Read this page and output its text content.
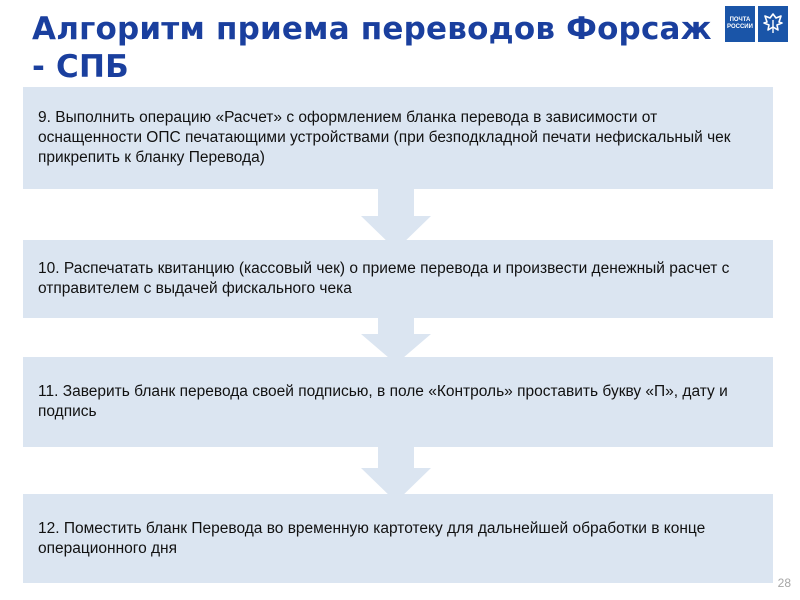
Алгоритм приема переводов Форсаж - СПБ
ПОЧТА
РОССИИ
9. Выполнить операцию «Расчет» с оформлением бланка перевода в зависимости от оснащенности ОПС печатающими устройствами (при безподкладной печати нефискальный чек прикрепить к бланку Перевода)
10. Распечатать квитанцию (кассовый чек) о приеме перевода и произвести денежный расчет с отправителем с выдачей фискального чека
11. Заверить бланк перевода своей подписью, в поле «Контроль» проставить букву «П», дату и подпись
12. Поместить бланк Перевода во временную картотеку для дальнейшей обработки в конце операционного дня
28
